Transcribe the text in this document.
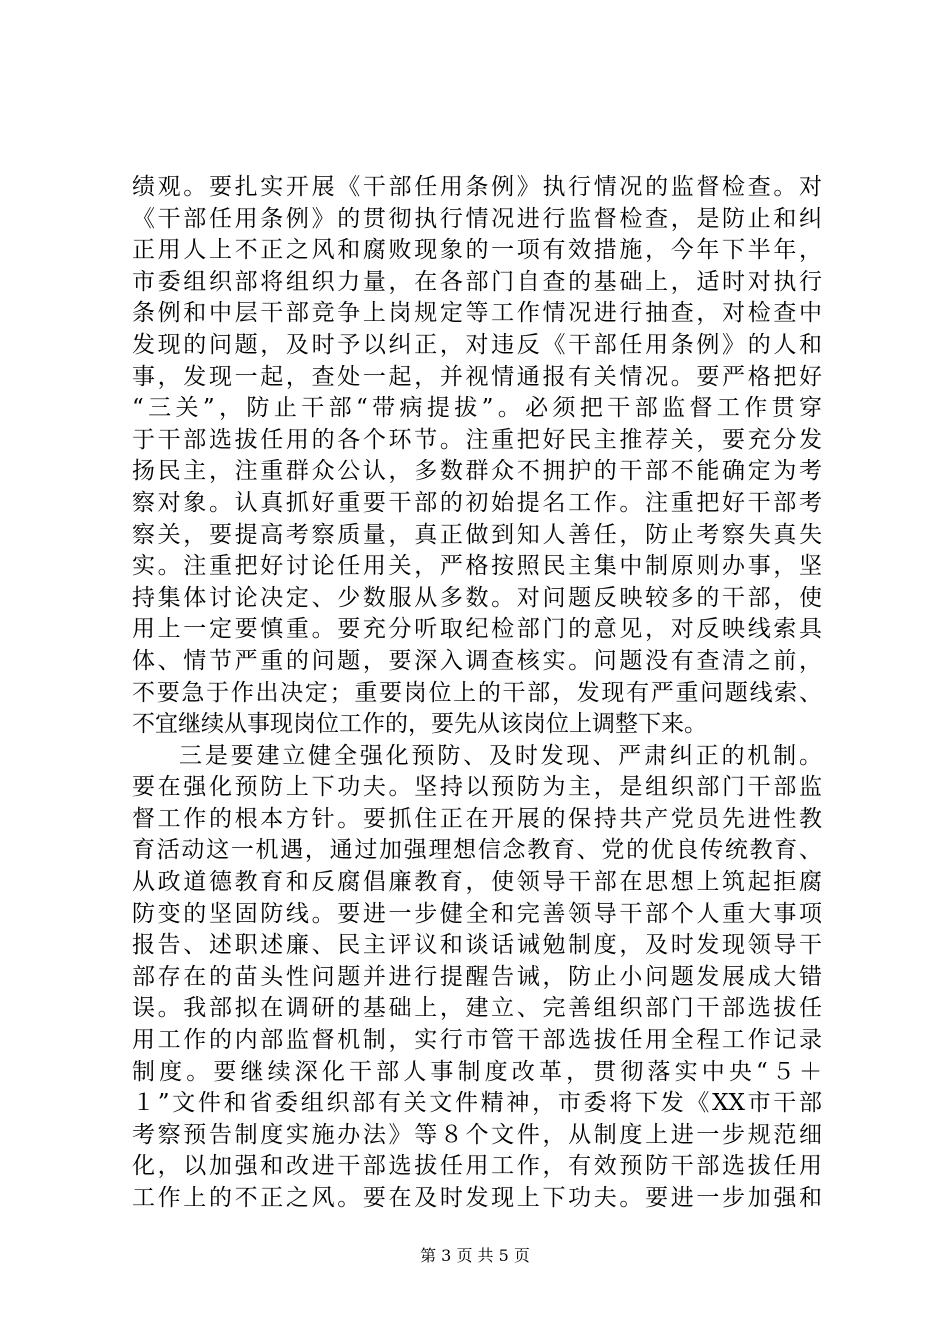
绩观。要扎实开展《干部任用条例》执行情况的监督检查。对
《干部任用条例》的贯彻执行情况进行监督检查，是防止和纠
正用人上不正之风和腐败现象的一项有效措施，今年下半年，
市委组织部将组织力量，在各部门自查的基础上，适时对执行
条例和中层干部竞争上岗规定等工作情况进行抽查，对检查中
发现的问题，及时予以纠正，对违反《干部任用条例》的人和
事，发现一起，查处一起，并视情通报有关情况。要严格把好
“三关”，防止干部“带病提拔”。必须把干部监督工作贯穿
于干部选拔任用的各个环节。注重把好民主推荐关，要充分发
扬民主，注重群众公认，多数群众不拥护的干部不能确定为考
察对象。认真抓好重要干部的初始提名工作。注重把好干部考
察关，要提高考察质量，真正做到知人善任，防止考察失真失
实。注重把好讨论任用关，严格按照民主集中制原则办事，坚
持集体讨论决定、少数服从多数。对问题反映较多的干部，使
用上一定要慎重。要充分听取纪检部门的意见，对反映线索具
体、情节严重的问题，要深入调查核实。问题没有查清之前，
不要急于作出决定；重要岗位上的干部，发现有严重问题线索、
不宜继续从事现岗位工作的，要先从该岗位上调整下来。
三是要建立健全强化预防、及时发现、严肃纠正的机制。
要在强化预防上下功夫。坚持以预防为主，是组织部门干部监
督工作的根本方针。要抓住正在开展的保持共产党员先进性教
育活动这一机遇，通过加强理想信念教育、党的优良传统教育、
从政道德教育和反腐倡廉教育，使领导干部在思想上筑起拒腐
防变的坚固防线。要进一步健全和完善领导干部个人重大事项
报告、述职述廉、民主评议和谈话诫勉制度，及时发现领导干
部存在的苗头性问题并进行提醒告诫，防止小问题发展成大错
误。我部拟在调研的基础上，建立、完善组织部门干部选拔任
用工作的内部监督机制，实行市管干部选拔任用全程工作记录
制度。要继续深化干部人事制度改革，贯彻落实中央“５＋
１”文件和省委组织部有关文件精神，市委将下发《XX市干部
考察预告制度实施办法》等８个文件，从制度上进一步规范细
化，以加强和改进干部选拔任用工作，有效预防干部选拔任用
工作上的不正之风。要在及时发现上下功夫。要进一步加强和
第 3 页 共 5 页
